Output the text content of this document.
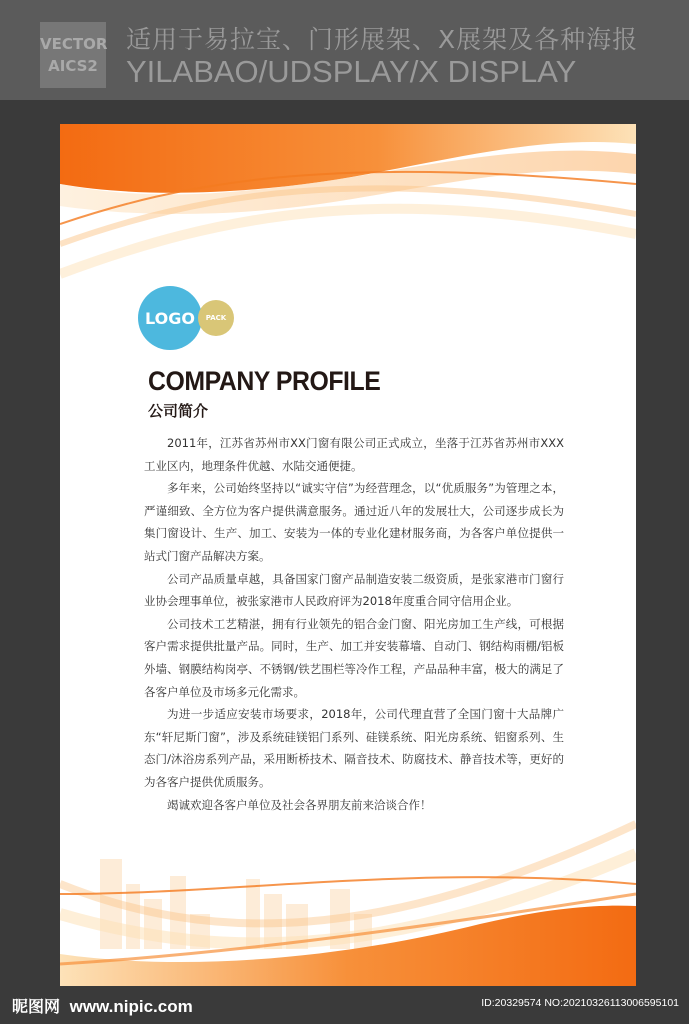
VECTOR
AICS2
适用于易拉宝、门形展架、X展架及各种海报
YILABAO/UDSPLAY/X DISPLAY
LOGO PACK
COMPANY PROFILE
公司简介

2011年，江苏省苏州市XX门窗有限公司正式成立，坐落于江苏省苏州市XXX工业区内，地理条件优越、水陆交通便捷。

多年来，公司始终坚持以“诚实守信”为经营理念，以“优质服务”为管理之本，严谨细致、全方位为客户提供满意服务。通过近八年的发展壮大，公司逐步成长为集门窗设计、生产、加工、安装为一体的专业化建材服务商，为各客户单位提供一站式门窗产品解决方案。

公司产品质量卓越，具备国家门窗产品制造安装二级资质，是张家港市门窗行业协会理事单位，被张家港市人民政府评为2018年度重合同守信用企业。

公司技术工艺精湛，拥有行业领先的铝合金门窗、阳光房加工生产线，可根据客户需求提供批量产品。同时，生产、加工并安装幕墙、自动门、钢结构雨棚/铝板外墙、钢膜结构岗亭、不锈钢/铁艺围栏等冷作工程，产品品种丰富，极大的满足了各客户单位及市场多元化需求。

为进一步适应安装市场要求，2018年，公司代理直营了全国门窗十大品牌广东“轩尼斯门窗”，涉及系统硅镁铝门系列、硅镁系统、阳光房系统、铝窗系列、生态门/沐浴房系列产品，采用断桥技术、隔音技术、防腐技术、静音技术等，更好的为各客户提供优质服务。

竭诚欢迎各客户单位及社会各界朋友前来洽谈合作！

昵图网 www.nipic.com	ID:20329574 NO:20210326113006595101
